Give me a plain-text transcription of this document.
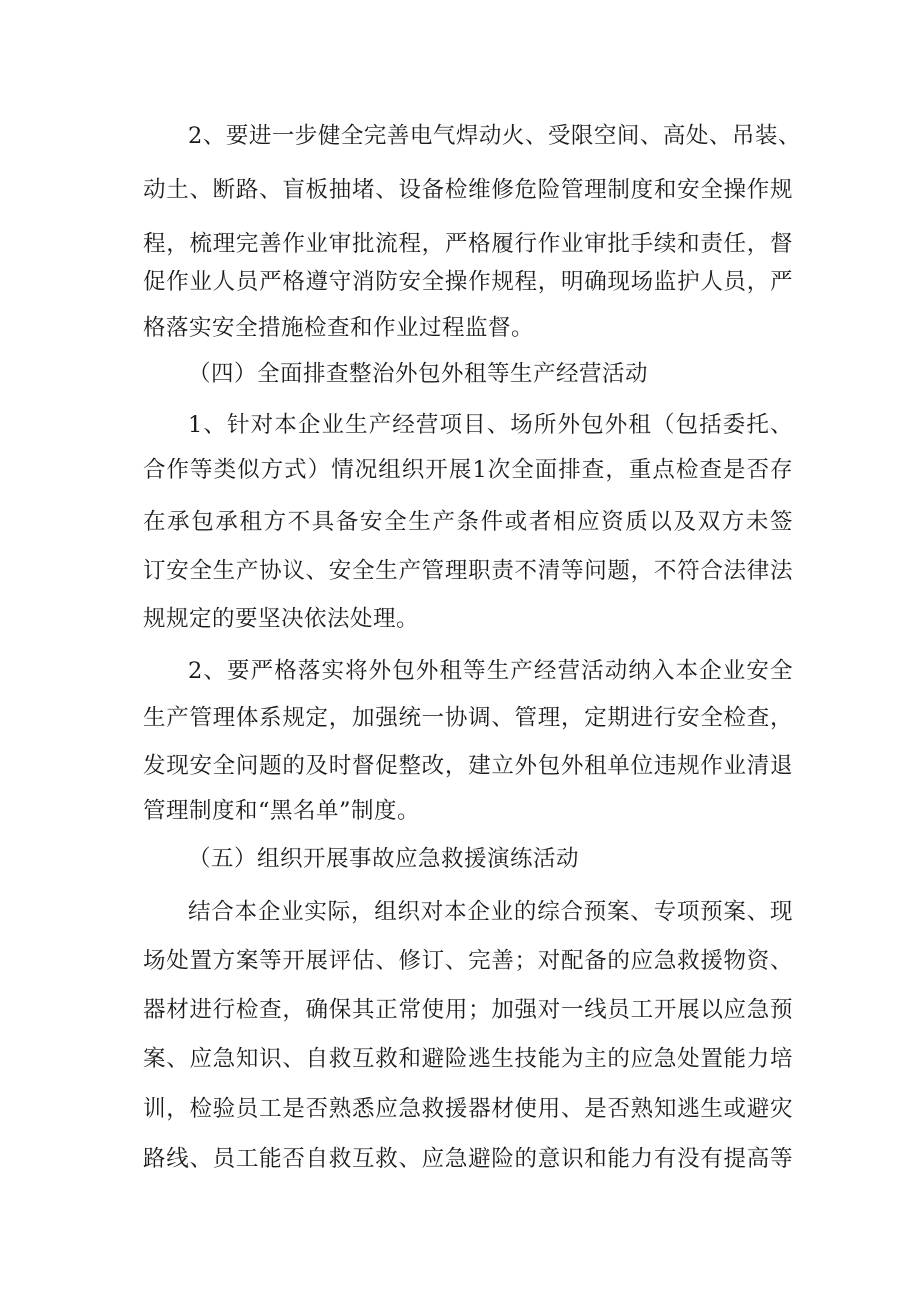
2、要进一步健全完善电气焊动火、受限空间、高处、吊装、
动土、断路、盲板抽堵、设备检维修危险管理制度和安全操作规
程，梳理完善作业审批流程，严格履行作业审批手续和责任，督
促作业人员严格遵守消防安全操作规程，明确现场监护人员，严
格落实安全措施检查和作业过程监督。
（四）全面排查整治外包外租等生产经营活动
1、针对本企业生产经营项目、场所外包外租（包括委托、
合作等类似方式）情况组织开展1次全面排查，重点检查是否存
在承包承租方不具备安全生产条件或者相应资质以及双方未签
订安全生产协议、安全生产管理职责不清等问题，不符合法律法
规规定的要坚决依法处理。
2、要严格落实将外包外租等生产经营活动纳入本企业安全
生产管理体系规定，加强统一协调、管理，定期进行安全检查，
发现安全问题的及时督促整改，建立外包外租单位违规作业清退
管理制度和“黑名单”制度。
（五）组织开展事故应急救援演练活动
结合本企业实际，组织对本企业的综合预案、专项预案、现
场处置方案等开展评估、修订、完善；对配备的应急救援物资、
器材进行检查，确保其正常使用；加强对一线员工开展以应急预
案、应急知识、自救互救和避险逃生技能为主的应急处置能力培
训，检验员工是否熟悉应急救援器材使用、是否熟知逃生或避灾
路线、员工能否自救互救、应急避险的意识和能力有没有提高等
